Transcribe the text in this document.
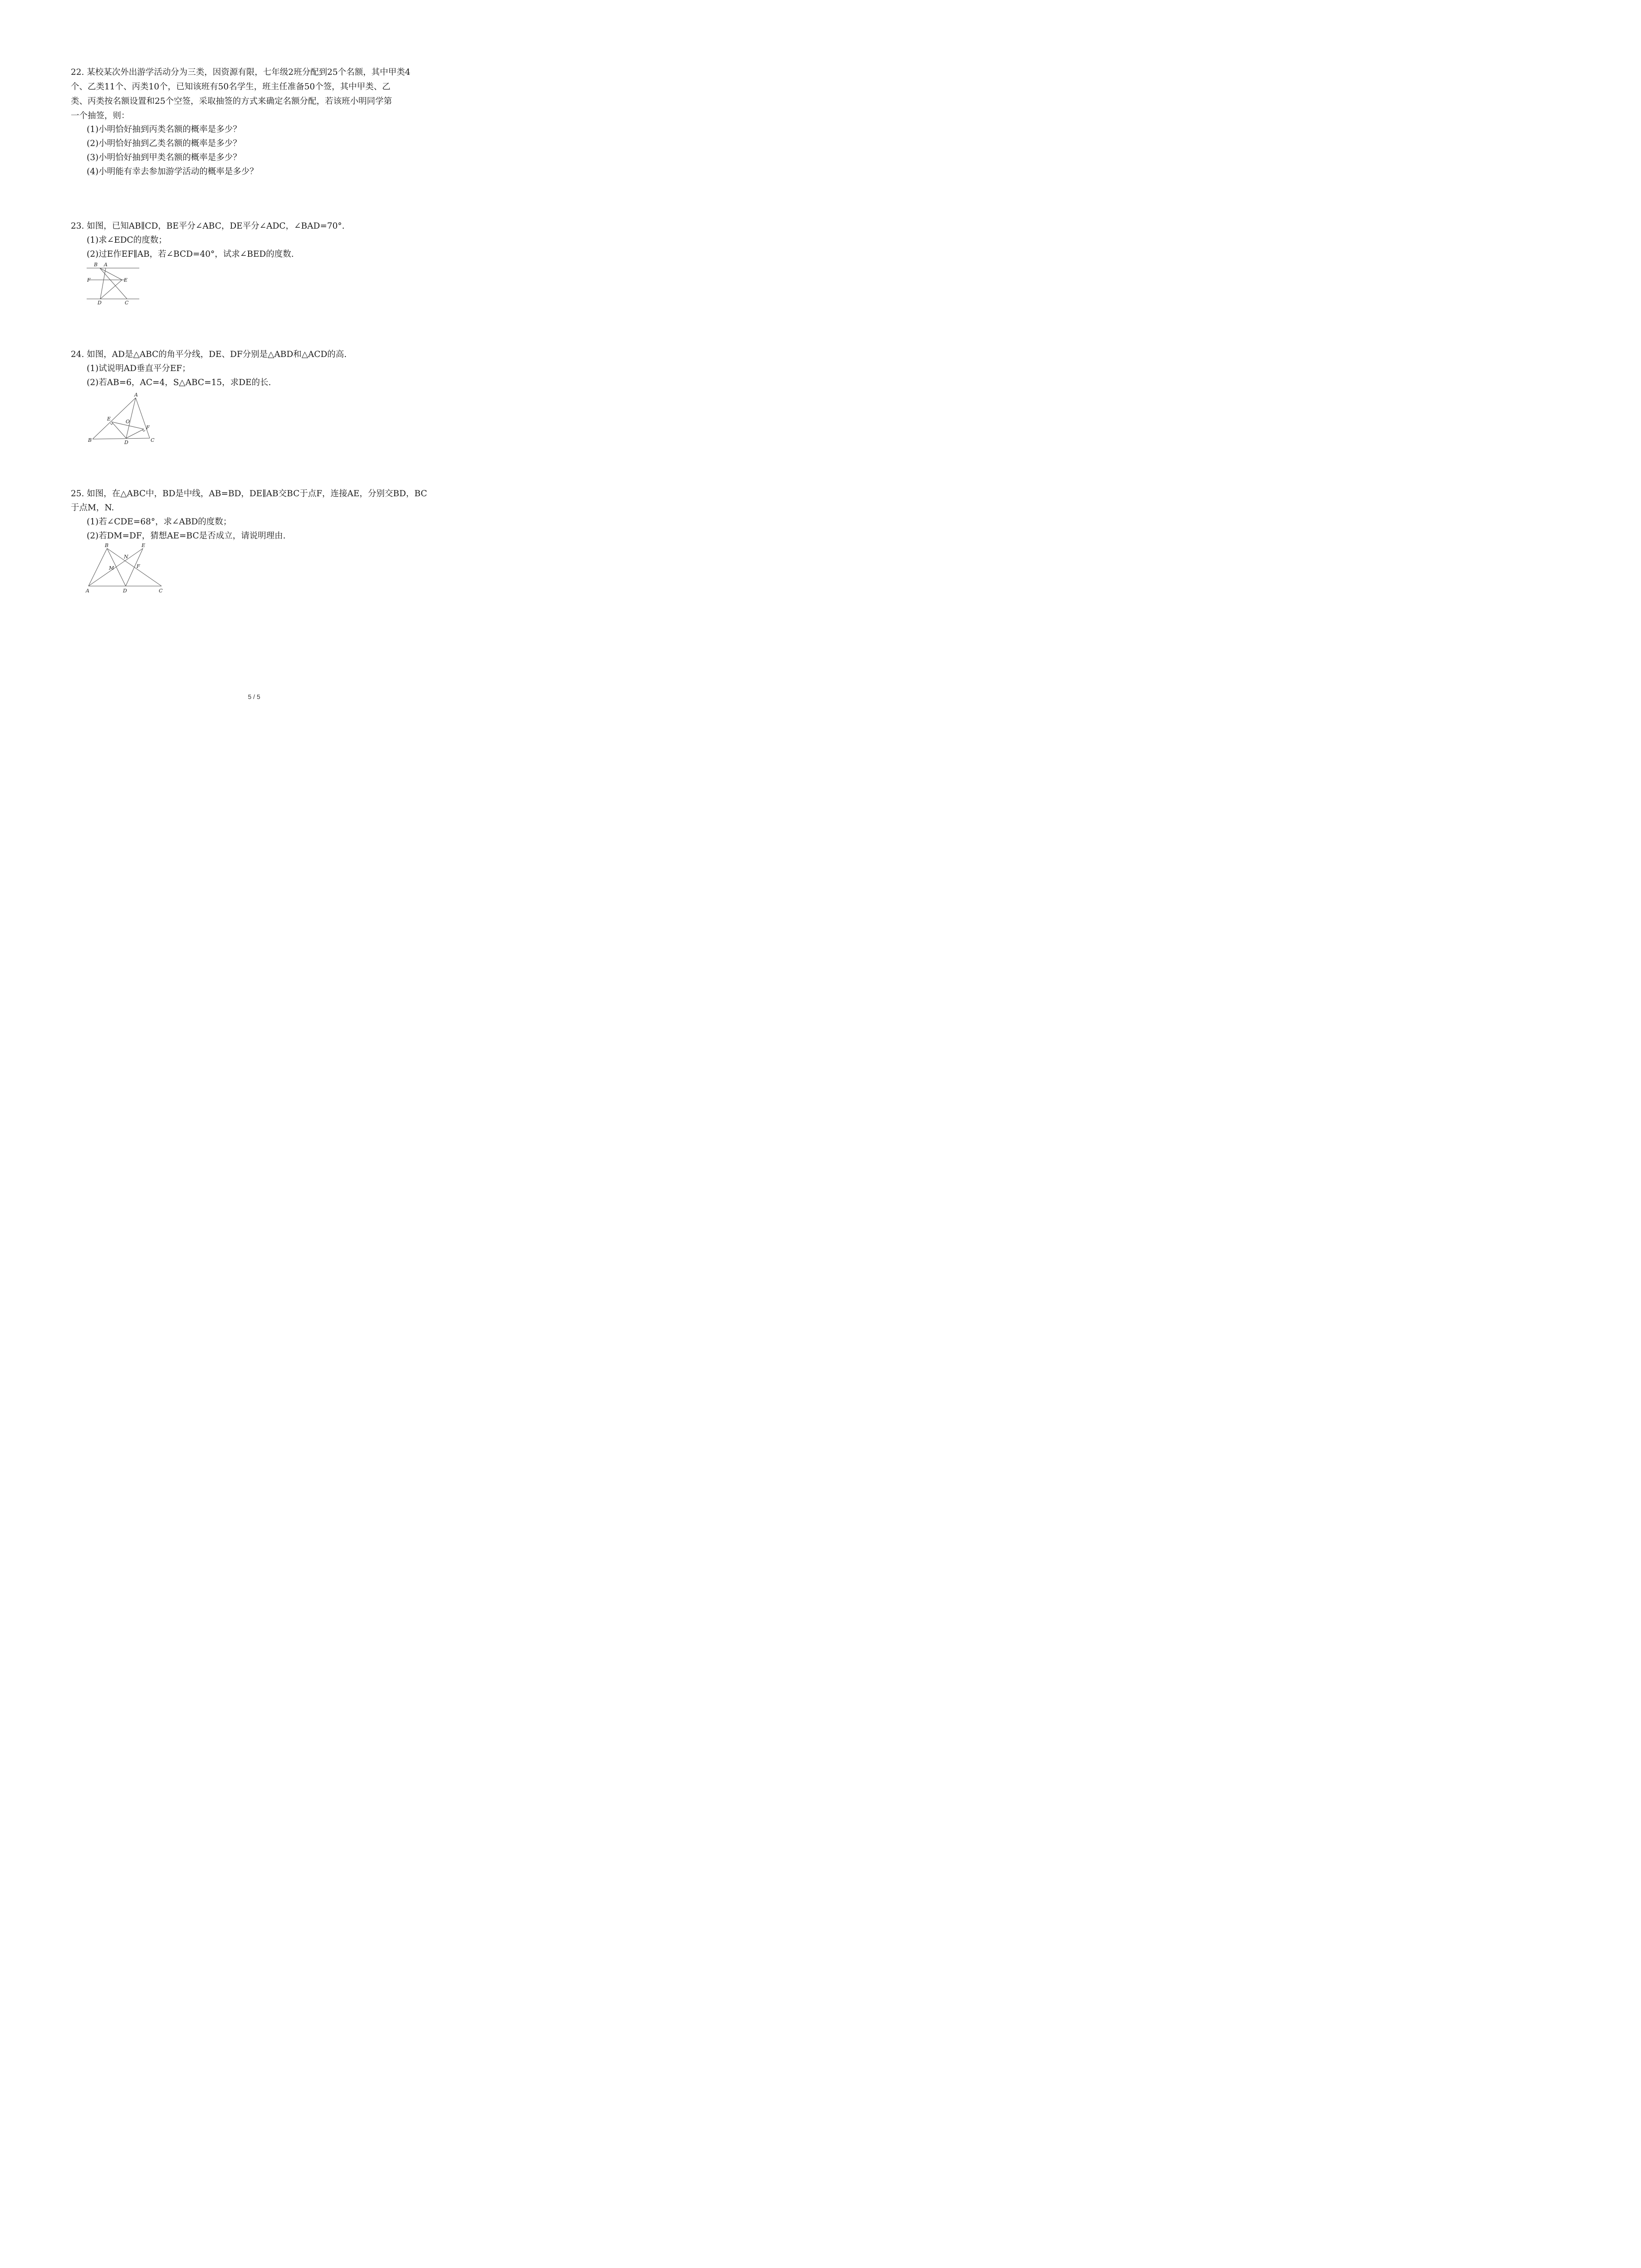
22. 某校某次外出游学活动分为三类，因资源有限，七年级2班分配到25个名额，其中甲类4
个、乙类11个、丙类10个，已知该班有50名学生，班主任准备50个签，其中甲类、乙
类、丙类按名额设置和25个空签，采取抽签的方式来确定名额分配，若该班小明同学第
一个抽签，则：
(1)小明恰好抽到丙类名额的概率是多少？
(2)小明恰好抽到乙类名额的概率是多少？
(3)小明恰好抽到甲类名额的概率是多少？
(4)小明能有幸去参加游学活动的概率是多少？
23. 如图，已知AB∥CD，BE平分∠ABC，DE平分∠ADC，∠BAD=70°.
(1)求∠EDC的度数；
(2)过E作EF∥AB，若∠BCD=40°，试求∠BED的度数.
B A
F	E
D	C
24. 如图，AD是△ABC的角平分线，DE、DF分别是△ABD和△ACD的高.
(1)试说明AD垂直平分EF；
(2)若AB=6，AC=4，S△ABC=15，求DE的长.
A
E	O
F
B	D	C
25. 如图，在△ABC中，BD是中线，AB=BD，DE∥AB交BC于点F，连接AE，分别交BD，BC
于点M，N.
(1)若∠CDE=68°，求∠ABD的度数；
(2)若DM=DF，猜想AE=BC是否成立，请说明理由.
B	E
N
M	F
A	D	C
5 / 5
